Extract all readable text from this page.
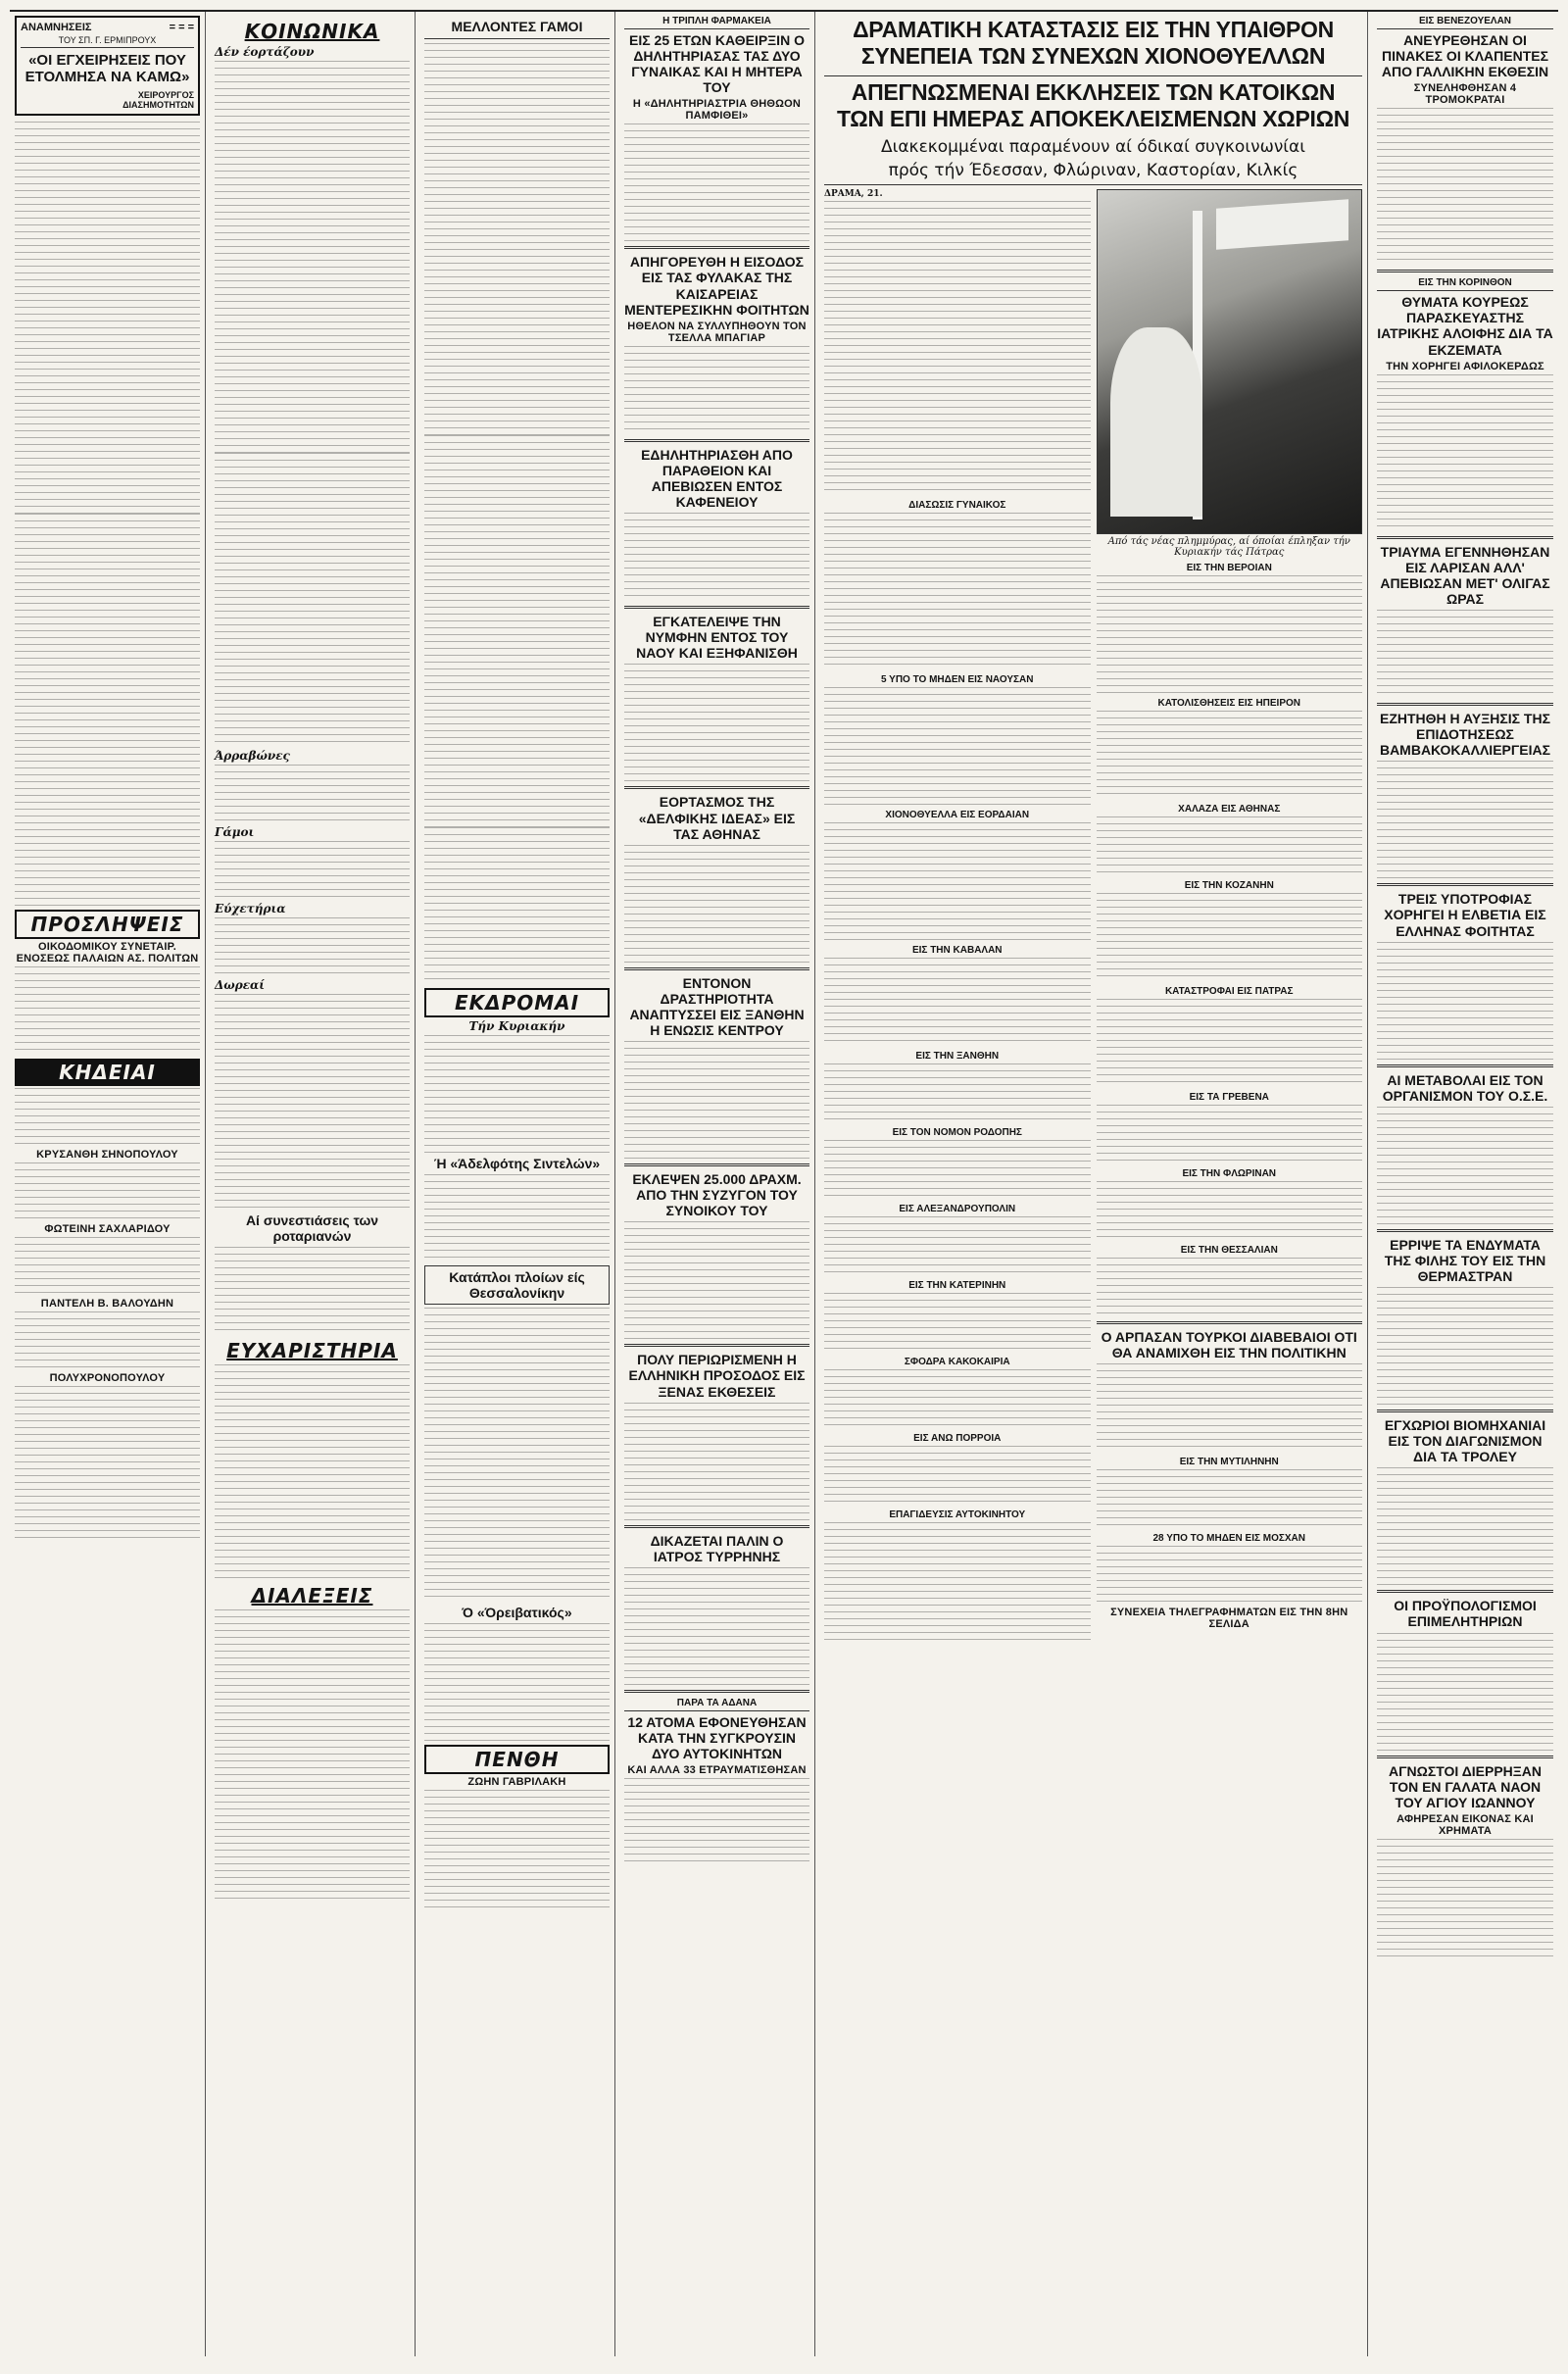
ΑΝΑΜΝΗΣΕΙΣ	= = =
ΤΟΥ ΣΠ. Γ. ΕΡΜΙΠΡΟΥΧ
«ΟΙ ΕΓΧΕΙΡΗΣΕΙΣ ΠΟΥ ΕΤΟΛΜΗΣΑ ΝΑ ΚΑΜΩ»
ΧΕΙΡΟΥΡΓΟΣ
ΔΙΑΣΗΜΟΤΗΤΩΝ
ΠΡΟΣΛΗΨΕΙΣ
ΟΙΚΟΔΟΜΙΚΟΥ ΣΥΝΕΤΑΙΡ. ΕΝΟΣΕΩΣ ΠΑΛΑΙΩΝ ΑΣ. ΠΟΛΙΤΩΝ
ΚΗΔΕΙΑΙ
ΚΡΥΣΑΝΘΗ ΣΗΝΟΠΟΥΛΟΥ
ΦΩΤΕΙΝΗ ΣΑΧΛΑΡΙΔΟΥ
ΠΑΝΤΕΛΗ Β. ΒΑΛΟΥΔΗΝ
ΠΟΛΥΧΡΟΝΟΠΟΥΛΟΥ
ΚΟΙΝΩΝΙΚΑ
Δέν έορτάζουν
Άρραβώνες
Γάμοι
Εύχετήρια
Δωρεαί
Αί συνεστιάσεις των ροταριανών
ΕΥΧΑΡΙΣΤΗΡΙΑ
ΔΙΑΛΕΞΕΙΣ
ΜΕΛΛΟΝΤΕΣ ΓΑΜΟΙ
ΕΚΔΡΟΜΑΙ
Τήν Κυριακήν
Ή «Άδελφότης Σιντελών»
Κατάπλοι πλοίων είς Θεσσαλονίκην
Ό «Όρειβατικός»
ΠΕΝΘΗ
ΖΩΗΝ ΓΑΒΡΙΛΑΚΗ
Η ΤΡΙΠΛΗ ΦΑΡΜΑΚΕΙΑ
ΕΙΣ 25 ΕΤΩΝ ΚΑΘΕΙΡΞΙΝ Ο ΔΗΛΗΤΗΡΙΑΣΑΣ ΤΑΣ ΔΥΟ ΓΥΝΑΙΚΑΣ ΚΑΙ Η ΜΗΤΕΡΑ ΤΟΥ
Η «ΔΗΛΗΤΗΡΙΑΣΤΡΙΑ ΘΗΘΩΟΝ ΠΑΜΦΙΘΕΙ»
ΑΠΗΓΟΡΕΥΘΗ Η ΕΙΣΟΔΟΣ ΕΙΣ ΤΑΣ ΦΥΛΑΚΑΣ ΤΗΣ ΚΑΙΣΑΡΕΙΑΣ ΜΕΝΤΕΡΕΣΙΚΗΝ ΦΟΙΤΗΤΩΝ
ΗΘΕΛΟΝ ΝΑ ΣΥΛΛΥΠΗΘΟΥΝ ΤΟΝ ΤΣΕΛΛΑ ΜΠΑΓΙΑΡ
ΕΔΗΛΗΤΗΡΙΑΣΘΗ ΑΠΟ ΠΑΡΑΘΕΙΟΝ ΚΑΙ ΑΠΕΒΙΩΣΕΝ ΕΝΤΟΣ ΚΑΦΕΝΕΙΟΥ
ΕΓΚΑΤΕΛΕΙΨΕ ΤΗΝ ΝΥΜΦΗΝ ΕΝΤΟΣ ΤΟΥ ΝΑΟΥ ΚΑΙ ΕΞΗΦΑΝΙΣΘΗ
ΕΟΡΤΑΣΜΟΣ ΤΗΣ «ΔΕΛΦΙΚΗΣ ΙΔΕΑΣ» ΕΙΣ ΤΑΣ ΑΘΗΝΑΣ
ΕΝΤΟΝΟΝ ΔΡΑΣΤΗΡΙΟΤΗΤΑ ΑΝΑΠΤΥΣΣΕΙ ΕΙΣ ΞΑΝΘΗΝ Η ΕΝΩΣΙΣ ΚΕΝΤΡΟΥ
ΕΚΛΕΨΕΝ 25.000 ΔΡΑΧΜ. ΑΠΟ ΤΗΝ ΣΥΖΥΓΟΝ ΤΟΥ ΣΥΝΟΙΚΟΥ ΤΟΥ
ΠΟΛΥ ΠΕΡΙΩΡΙΣΜΕΝΗ Η ΕΛΛΗΝΙΚΗ ΠΡΟΣΟΔΟΣ ΕΙΣ ΞΕΝΑΣ ΕΚΘΕΣΕΙΣ
ΔΙΚΑΖΕΤΑΙ ΠΑΛΙΝ Ο ΙΑΤΡΟΣ ΤΥΡΡΗΝΗΣ
ΠΑΡΑ ΤΑ ΑΔΑΝΑ
12 ΑΤΟΜΑ ΕΦΟΝΕΥΘΗΣΑΝ ΚΑΤΑ ΤΗΝ ΣΥΓΚΡΟΥΣΙΝ ΔΥΟ ΑΥΤΟΚΙΝΗΤΩΝ
ΚΑΙ ΑΛΛΑ 33 ΕΤΡΑΥΜΑΤΙΣΘΗΣΑΝ
ΔΡΑΜΑΤΙΚΗ ΚΑΤΑΣΤΑΣΙΣ ΕΙΣ ΤΗΝ ΥΠΑΙΘΡΟΝ
ΣΥΝΕΠΕΙΑ ΤΩΝ ΣΥΝΕΧΩΝ ΧΙΟΝΟΘΥΕΛΛΩΝ
ΑΠΕΓΝΩΣΜΕΝΑΙ ΕΚΚΛΗΣΕΙΣ ΤΩΝ ΚΑΤΟΙΚΩΝ
ΤΩΝ ΕΠΙ ΗΜΕΡΑΣ ΑΠΟΚΕΚΛΕΙΣΜΕΝΩΝ ΧΩΡΙΩΝ
Διακεκομμέναι παραμένουν αί όδικαί συγκοινωνίαι
πρός τήν Έδεσσαν, Φλώριναν, Καστορίαν, Κιλκίς
ΔΡΑΜΑ, 21.
ΔΙΑΣΩΣΙΣ ΓΥΝΑΙΚΟΣ
5 ΥΠΟ ΤΟ ΜΗΔΕΝ ΕΙΣ ΝΑΟΥΣΑΝ
ΧΙΟΝΟΘΥΕΛΛΑ ΕΙΣ ΕΟΡΔΑΙΑΝ
ΕΙΣ ΤΗΝ ΚΑΒΑΛΑΝ
ΕΙΣ ΤΗΝ ΞΑΝΘΗΝ
ΕΙΣ ΤΟΝ ΝΟΜΟΝ ΡΟΔΟΠΗΣ
ΕΙΣ ΑΛΕΞΑΝΔΡΟΥΠΟΛΙΝ
ΕΙΣ ΤΗΝ ΚΑΤΕΡΙΝΗΝ
ΣΦΟΔΡΑ ΚΑΚΟΚΑΙΡΙΑ
ΕΙΣ ΑΝΩ ΠΟΡΡΟΙΑ
ΕΠΑΓΙΔΕΥΣΙΣ ΑΥΤΟΚΙΝΗΤΟΥ
Από τάς νέας πλημμύρας, αί όποίαι έπληξαν τήν Κυριακήν τάς Πάτρας
ΕΙΣ ΤΗΝ ΒΕΡΟΙΑΝ
ΚΑΤΟΛΙΣΘΗΣΕΙΣ ΕΙΣ ΗΠΕΙΡΟΝ
ΧΑΛΑΖΑ ΕΙΣ ΑΘΗΝΑΣ
ΕΙΣ ΤΗΝ ΚΟΖΑΝΗΝ
ΚΑΤΑΣΤΡΟΦΑΙ ΕΙΣ ΠΑΤΡΑΣ
ΕΙΣ ΤΑ ΓΡΕΒΕΝΑ
ΕΙΣ ΤΗΝ ΦΛΩΡΙΝΑΝ
ΕΙΣ ΤΗΝ ΘΕΣΣΑΛΙΑΝ
Ο ΑΡΠΑΣΑΝ ΤΟΥΡΚΟΙ ΔΙΑΒΕΒΑΙΟΙ ΟΤΙ ΘΑ ΑΝΑΜΙΧΘΗ ΕΙΣ ΤΗΝ ΠΟΛΙΤΙΚΗΝ
ΕΙΣ ΤΗΝ ΜΥΤΙΛΗΝΗΝ
28 ΥΠΟ ΤΟ ΜΗΔΕΝ ΕΙΣ ΜΟΣΧΑΝ
ΣΥΝΕΧΕΙΑ ΤΗΛΕΓΡΑΦΗΜΑΤΩΝ ΕΙΣ ΤΗΝ 8ΗΝ ΣΕΛΙΔΑ
ΕΙΣ ΒΕΝΕΖΟΥΕΛΑΝ
ΑΝΕΥΡΕΘΗΣΑΝ ΟΙ ΠΙΝΑΚΕΣ ΟΙ ΚΛΑΠΕΝΤΕΣ ΑΠΟ ΓΑΛΛΙΚΗΝ ΕΚΘΕΣΙΝ
ΣΥΝΕΛΗΦΘΗΣΑΝ 4 ΤΡΟΜΟΚΡΑΤΑΙ
ΕΙΣ ΤΗΝ ΚΟΡΙΝΘΟΝ
ΘΥΜΑΤΑ ΚΟΥΡΕΩΣ ΠΑΡΑΣΚΕΥΑΣΤΗΣ ΙΑΤΡΙΚΗΣ ΑΛΟΙΦΗΣ ΔΙΑ ΤΑ ΕΚΖΕΜΑΤΑ
ΤΗΝ ΧΟΡΗΓΕΙ ΑΦΙΛΟΚΕΡΔΩΣ
ΤΡΙΑΥΜΑ ΕΓΕΝΝΗΘΗΣΑΝ ΕΙΣ ΛΑΡΙΣΑΝ ΑΛΛ' ΑΠΕΒΙΩΣΑΝ ΜΕΤ' ΟΛΙΓΑΣ ΩΡΑΣ
ΕΖΗΤΗΘΗ Η ΑΥΞΗΣΙΣ ΤΗΣ ΕΠΙΔΟΤΗΣΕΩΣ ΒΑΜΒΑΚΟΚΑΛΛΙΕΡΓΕΙΑΣ
ΤΡΕΙΣ ΥΠΟΤΡΟΦΙΑΣ ΧΟΡΗΓΕΙ Η ΕΛΒΕΤΙΑ ΕΙΣ ΕΛΛΗΝΑΣ ΦΟΙΤΗΤΑΣ
ΑΙ ΜΕΤΑΒΟΛΑΙ ΕΙΣ ΤΟΝ ΟΡΓΑΝΙΣΜΟΝ ΤΟΥ Ο.Σ.Ε.
ΕΡΡΙΨΕ ΤΑ ΕΝΔΥΜΑΤΑ ΤΗΣ ΦΙΛΗΣ ΤΟΥ ΕΙΣ ΤΗΝ ΘΕΡΜΑΣΤΡΑΝ
ΕΓΧΩΡΙΟΙ ΒΙΟΜΗΧΑΝΙΑΙ ΕΙΣ ΤΟΝ ΔΙΑΓΩΝΙΣΜΟΝ ΔΙΑ ΤΑ ΤΡΟΛΕΥ
ΟΙ ΠΡΟΫΠΟΛΟΓΙΣΜΟΙ ΕΠΙΜΕΛΗΤΗΡΙΩΝ
ΑΓΝΩΣΤΟΙ ΔΙΕΡΡΗΞΑΝ ΤΟΝ ΕΝ ΓΑΛΑΤΑ ΝΑΟΝ ΤΟΥ ΑΓΙΟΥ ΙΩΑΝΝΟΥ
ΑΦΗΡΕΣΑΝ ΕΙΚΟΝΑΣ ΚΑΙ ΧΡΗΜΑΤΑ
